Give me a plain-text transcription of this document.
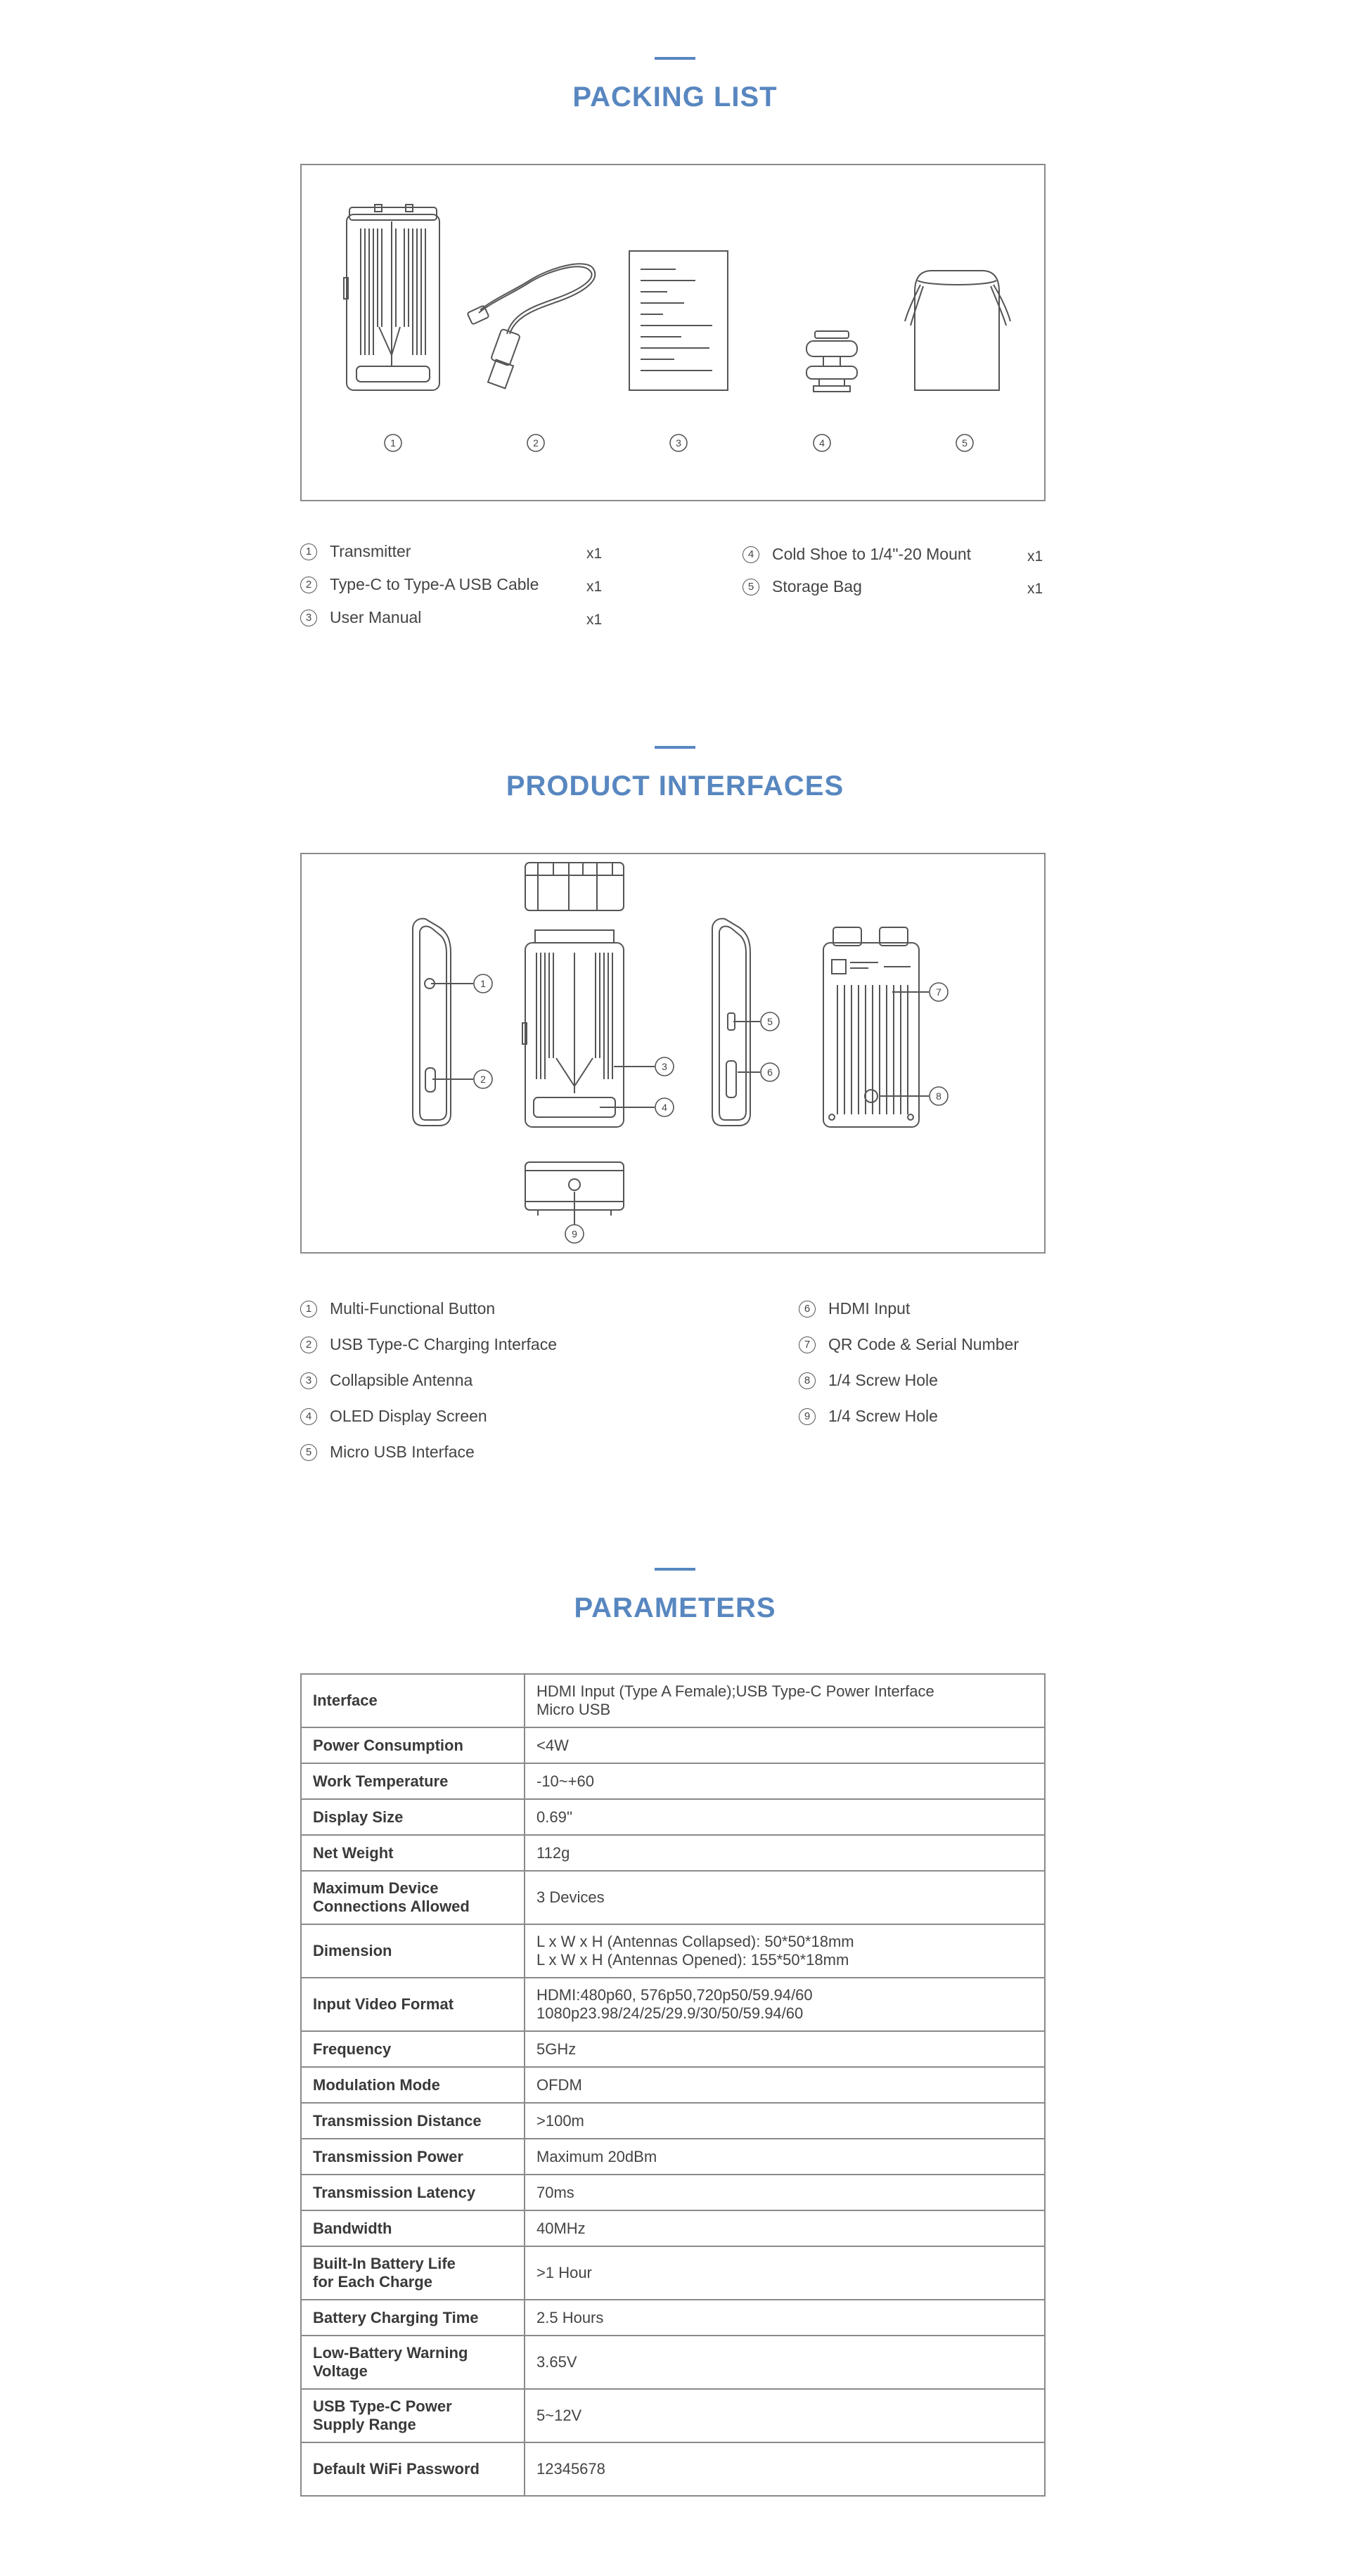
PACKING LIST
1	2	3	4	5
1	Transmitter	x1
2	Type-C to Type-A USB Cable	x1
3	User Manual	x1
4	Cold Shoe to 1/4"-20 Mount	x1
5	Storage Bag	x1
PRODUCT INTERFACES
1
2
3
4
5
6
7
8
9
1	Multi-Functional Button
2	USB Type-C Charging Interface
3	Collapsible Antenna
4	OLED Display Screen
5	Micro USB Interface
6	HDMI Input
7	QR Code & Serial Number
8	1/4 Screw Hole
9	1/4 Screw Hole
PARAMETERS
Interface	HDMI Input (Type A Female);USB Type-C Power Interface
Micro USB
Power Consumption	<4W
Work Temperature	-10~+60
Display Size	0.69''
Net Weight	112g
Maximum Device
Connections Allowed	3 Devices
Dimension	L x W x H (Antennas Collapsed): 50*50*18mm
L x W x H (Antennas Opened): 155*50*18mm
Input Video Format	HDMI:480p60, 576p50,720p50/59.94/60
1080p23.98/24/25/29.9/30/50/59.94/60
Frequency	5GHz
Modulation Mode	OFDM
Transmission Distance	>100m
Transmission Power	Maximum 20dBm
Transmission Latency	70ms
Bandwidth	40MHz
Built-In Battery Life
for Each Charge	>1 Hour
Battery Charging Time	2.5 Hours
Low-Battery Warning
Voltage	3.65V
USB Type-C Power
Supply Range	5~12V
Default WiFi Password	12345678
